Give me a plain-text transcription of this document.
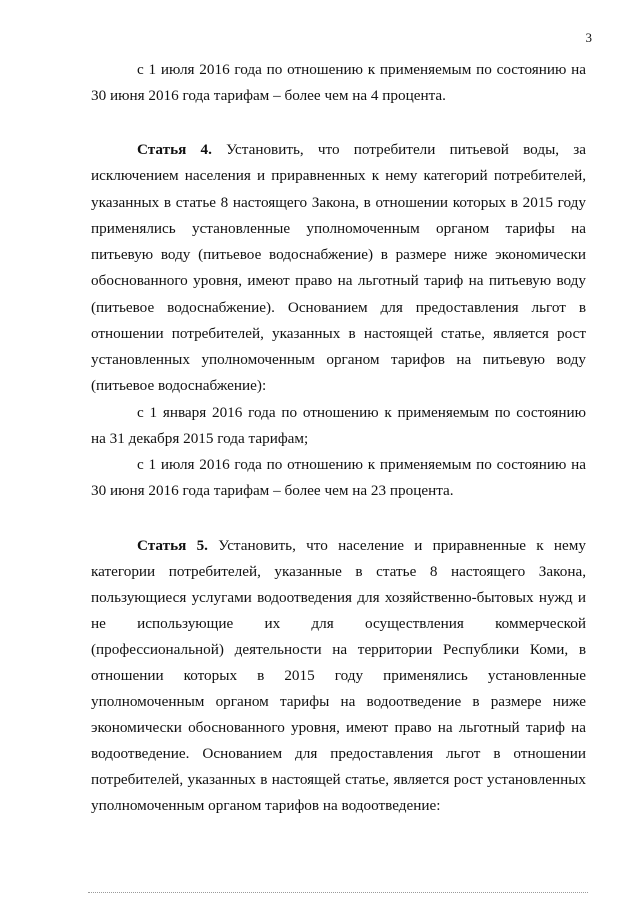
3
с 1 июля 2016 года по отношению к применяемым по состоянию на
30 июня 2016 года тарифам – более чем на 4 процента.
Статья 4. Установить, что потребители питьевой воды, за
исключением населения и приравненных к нему категорий потребителей,
указанных в статье 8 настоящего Закона, в отношении которых в 2015 году
применялись установленные уполномоченным органом тарифы на
питьевую воду (питьевое водоснабжение) в размере ниже экономически
обоснованного уровня, имеют право на льготный тариф на питьевую воду
(питьевое водоснабжение). Основанием для предоставления льгот в
отношении потребителей, указанных в настоящей статье, является рост
установленных уполномоченным органом тарифов на питьевую воду
(питьевое водоснабжение):
с 1 января 2016 года по отношению к применяемым по состоянию
на 31 декабря 2015 года тарифам;
с 1 июля 2016 года по отношению к применяемым по состоянию на
30 июня 2016 года тарифам – более чем на 23 процента.
Статья 5. Установить, что население и приравненные к нему
категории потребителей, указанные в статье 8 настоящего Закона,
пользующиеся услугами водоотведения для хозяйственно-бытовых нужд и
не использующие их для осуществления коммерческой
(профессиональной) деятельности на территории Республики Коми, в
отношении которых в 2015 году применялись установленные
уполномоченным органом тарифы на водоотведение в размере ниже
экономически обоснованного уровня, имеют право на льготный тариф на
водоотведение. Основанием для предоставления льгот в отношении
потребителей, указанных в настоящей статье, является рост установленных
уполномоченным органом тарифов на водоотведение:
